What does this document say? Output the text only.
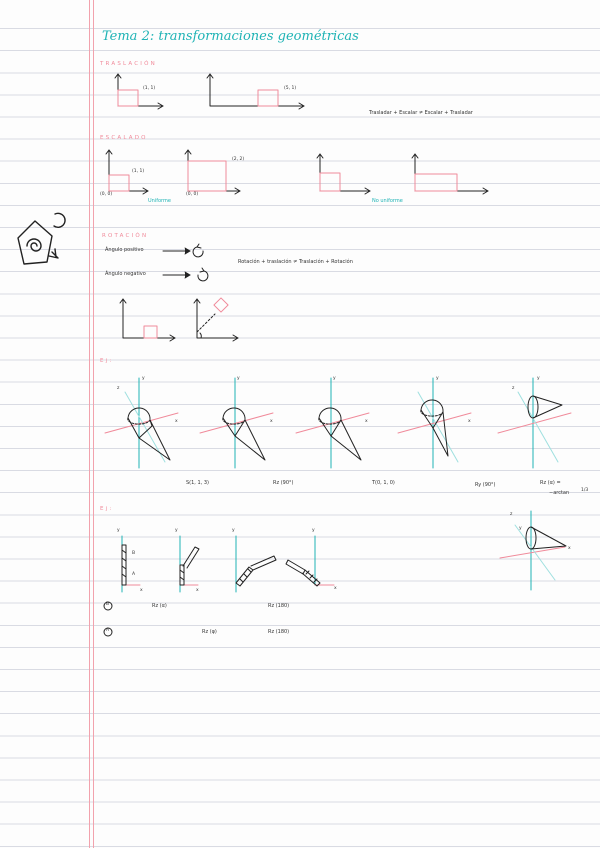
Tema 2: transformaciones geométricas
TRASLACIÓN
(1, 1)	(5, 1)
Trasladar + Escalar ≠ Escalar + Trasladar
ESCALADO
(1, 1)
(0, 0)
(2, 2)
(0, 0)
Uniforme	No uniforme
ROTACIÓN
Ángulo positivo
Ángulo negativo
Rotación + traslación ≠ Traslación + Rotación
Ej:
y
z
x
y
x
y
x
y
x
y
z
S(1, 1, 3)	Rz (90°)	T(0, 1, 0)	Ry (90°)	Rz (α) =
−arctan	1/3
Ej:
y	y	y	y
x	x	x
z
y
x
B
A
B	Rz (α)	Rz (180)
A	Rz (φ)	Rz (180)
